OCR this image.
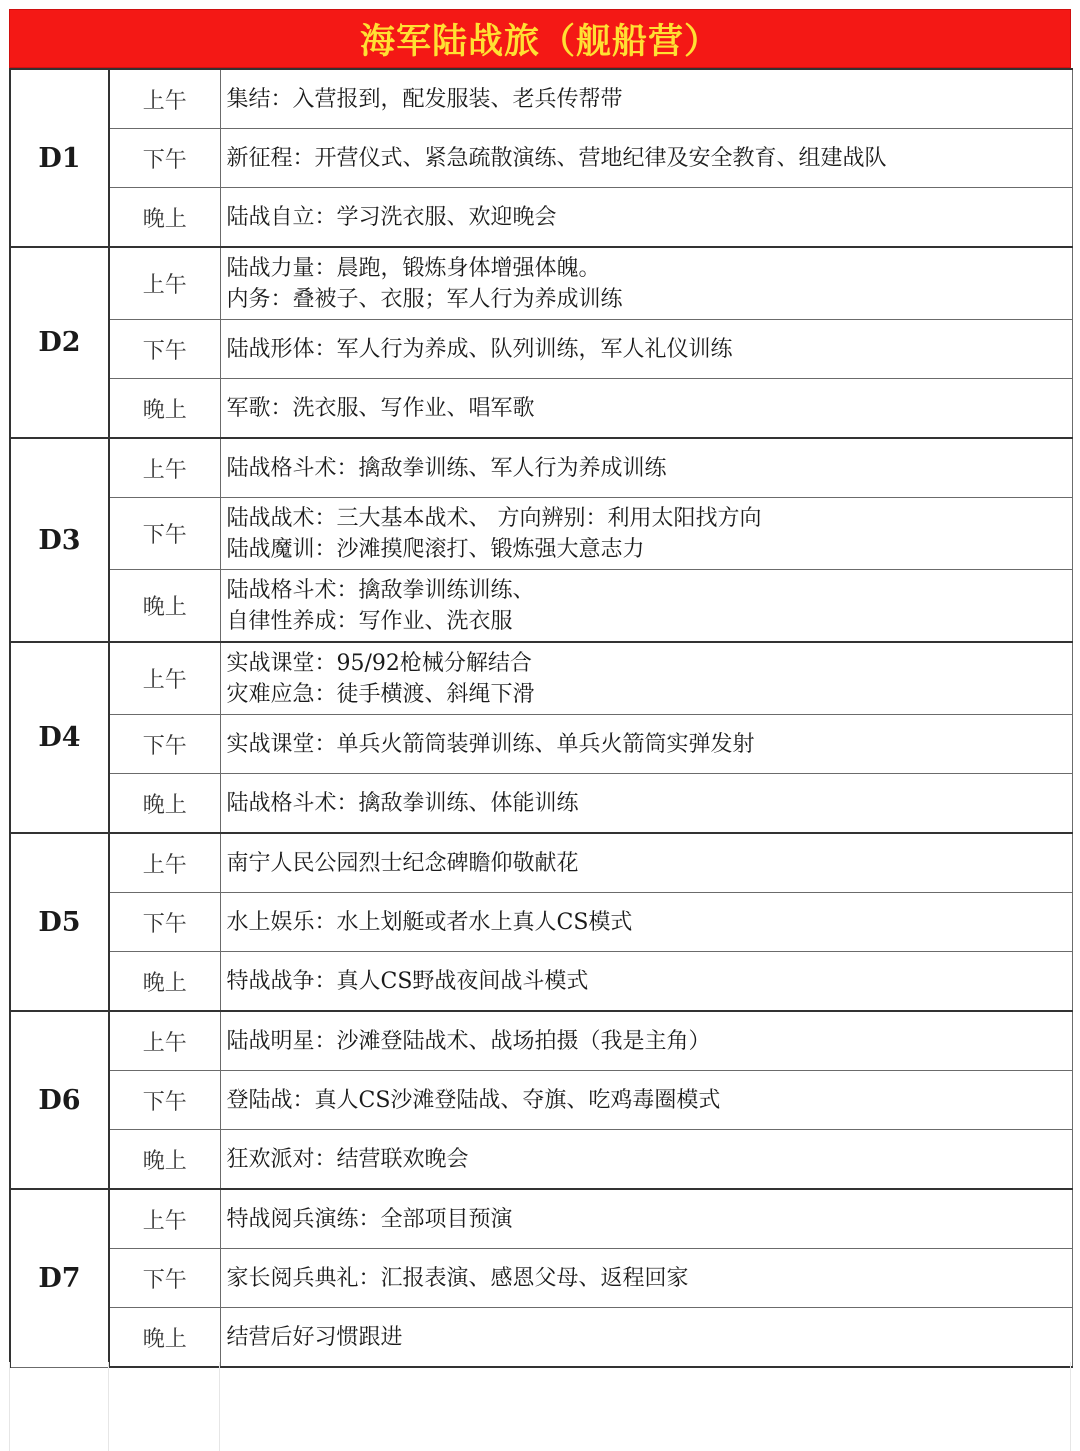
海军陆战旅（舰船营）
D1	上午	集结：入营报到，配发服装、老兵传帮带

	下午	新征程：开营仪式、紧急疏散演练、营地纪律及安全教育、组建战队

	晚上	陆战自立：学习洗衣服、欢迎晚会

D2	上午	陆战力量：晨跑，锻炼身体增强体魄。
内务：叠被子、衣服；军人行为养成训练

	下午	陆战形体：军人行为养成、队列训练，军人礼仪训练

	晚上	军歌：洗衣服、写作业、唱军歌

D3	上午	陆战格斗术：擒敌拳训练、军人行为养成训练

	下午	陆战战术：三大基本战术、 方向辨别：利用太阳找方向
陆战魔训：沙滩摸爬滚打、锻炼强大意志力

	晚上	陆战格斗术：擒敌拳训练训练、
自律性养成：写作业、洗衣服

D4	上午	实战课堂：95/92枪械分解结合
灾难应急：徒手横渡、斜绳下滑

	下午	实战课堂：单兵火箭筒装弹训练、单兵火箭筒实弹发射

	晚上	陆战格斗术：擒敌拳训练、体能训练

D5	上午	南宁人民公园烈士纪念碑瞻仰敬献花

	下午	水上娱乐：水上划艇或者水上真人CS模式

	晚上	特战战争：真人CS野战夜间战斗模式

D6	上午	陆战明星：沙滩登陆战术、战场拍摄（我是主角）

	下午	登陆战：真人CS沙滩登陆战、夺旗、吃鸡毒圈模式

	晚上	狂欢派对：结营联欢晚会

D7	上午	特战阅兵演练：全部项目预演

	下午	家长阅兵典礼：汇报表演、感恩父母、返程回家

	晚上	结营后好习惯跟进
